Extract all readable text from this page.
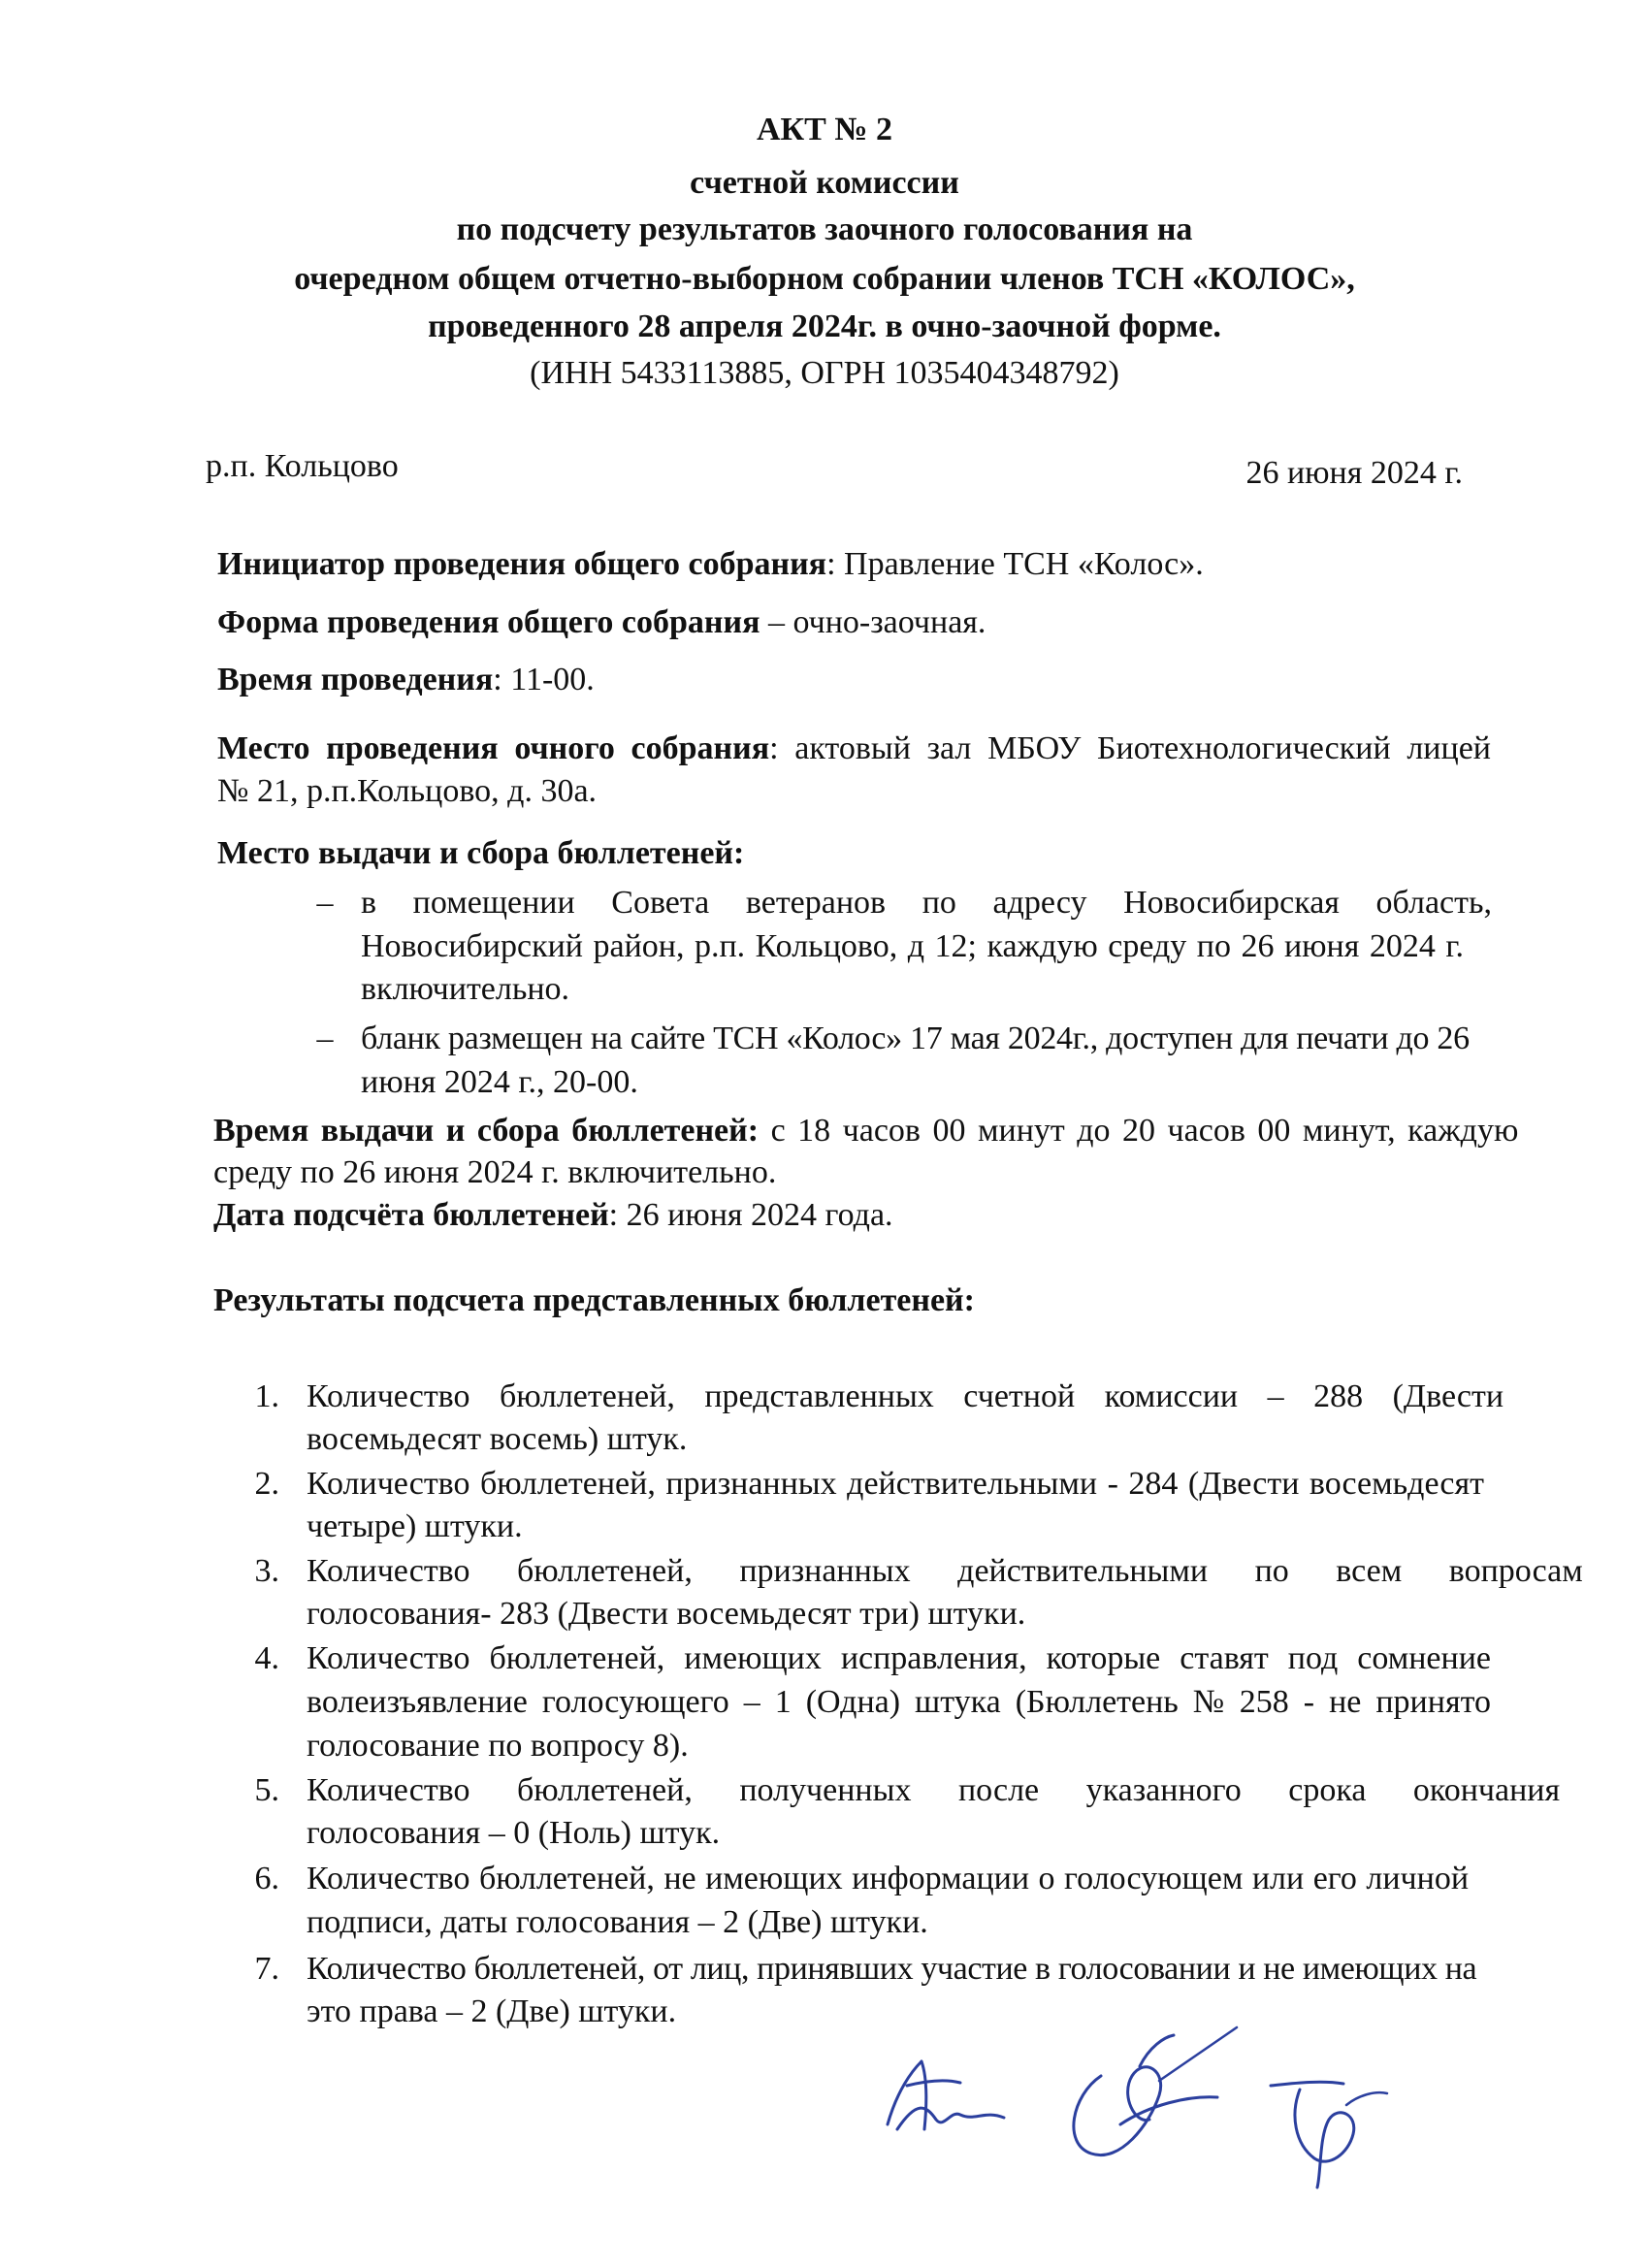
АКТ № 2
счетной комиссии
по подсчету результатов заочного голосования на
очередном общем отчетно-выборном собрании членов ТСН «КОЛОС»,
проведенного 28 апреля 2024г. в очно-заочной форме.
(ИНН 5433113885, ОГРН 1035404348792)
р.п. Кольцово	26 июня 2024 г.
Инициатор проведения общего собрания: Правление ТСН «Колос».
Форма проведения общего собрания – очно-заочная.
Время проведения: 11-00.
Место проведения очного собрания: актовый зал МБОУ Биотехнологический лицей
№ 21, р.п.Кольцово, д. 30а.
Место выдачи и сбора бюллетеней:
– в помещении Совета ветеранов по адресу Новосибирская область,
Новосибирский район, р.п. Кольцово, д 12; каждую среду по 26 июня 2024 г.
включительно.
– бланк размещен на сайте ТСН «Колос» 17 мая 2024г., доступен для печати до 26
июня 2024 г., 20-00.
Время выдачи и сбора бюллетеней: с 18 часов 00 минут до 20 часов 00 минут, каждую
среду по 26 июня 2024 г. включительно.
Дата подсчёта бюллетеней: 26 июня 2024 года.
Результаты подсчета представленных бюллетеней:
1. Количество бюллетеней, представленных счетной комиссии – 288 (Двести
восемьдесят восемь) штук.
2. Количество бюллетеней, признанных действительными - 284 (Двести восемьдесят
четыре) штуки.
3. Количество бюллетеней, признанных действительными по всем вопросам
голосования- 283 (Двести восемьдесят три) штуки.
4. Количество бюллетеней, имеющих исправления, которые ставят под сомнение
волеизъявление голосующего – 1 (Одна) штука (Бюллетень № 258 - не принято
голосование по вопросу 8).
5. Количество бюллетеней, полученных после указанного срока окончания
голосования – 0 (Ноль) штук.
6. Количество бюллетеней, не имеющих информации о голосующем или его личной
подписи, даты голосования – 2 (Две) штуки.
7. Количество бюллетеней, от лиц, принявших участие в голосовании и не имеющих на
это права – 2 (Две) штуки.
